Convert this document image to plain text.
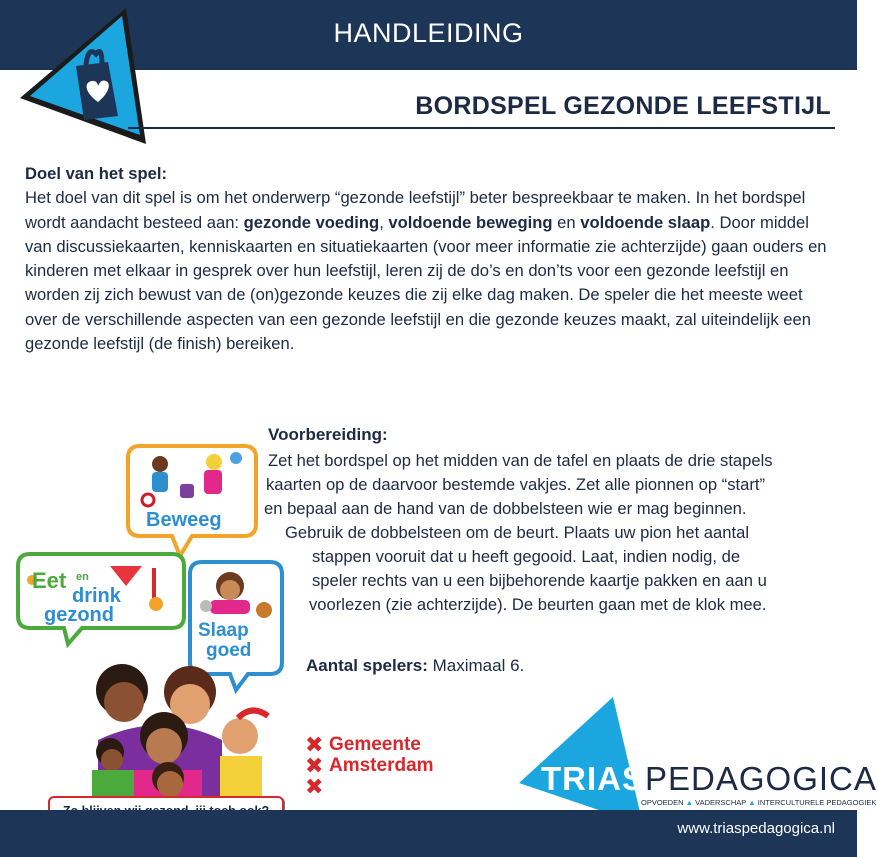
HANDLEIDING
BORDSPEL GEZONDE LEEFSTIJL
Doel van het spel:
Het doel van dit spel is om het onderwerp “gezonde leefstijl” beter bespreekbaar te maken. In het bordspel wordt aandacht besteed aan: gezonde voeding, voldoende beweging en voldoende slaap. Door middel van discussiekaarten, kenniskaarten en situatiekaarten (voor meer informatie zie achterzijde) gaan ouders en kinderen met elkaar in gesprek over hun leefstijl, leren zij de do’s en don’ts voor een gezonde leefstijl en worden zij zich bewust van de (on)gezonde keuzes die zij elke dag maken. De speler die het meeste weet over de verschillende aspecten van een gezonde leefstijl en die gezonde keuzes maakt, zal uiteindelijk een gezonde leefstijl (de finish) bereiken.
Voorbereiding:
Zet het bordspel op het midden van de tafel en plaats de drie stapels
kaarten op de daarvoor bestemde vakjes. Zet alle pionnen op “start”
en bepaal aan de hand van de dobbelsteen wie er mag beginnen.
Gebruik de dobbelsteen om de beurt. Plaats uw pion het aantal
stappen vooruit dat u heeft gegooid. Laat, indien nodig, de
speler rechts van u een bijbehorende kaartje pakken en aan u
voorlezen (zie achterzijde). De beurten gaan met de klok mee.
Aantal spelers: Maximaal 6.
Beweeg
Eet en
drink
gezond
Slaap
goed
✖ Gemeente
✖ Amsterdam
✖	TRIASPEDAGOGICA
OPVOEDEN ▲ VADERSCHAP ▲ INTERCULTURELE PEDAGOGIEK
www.triaspedagogica.nl
